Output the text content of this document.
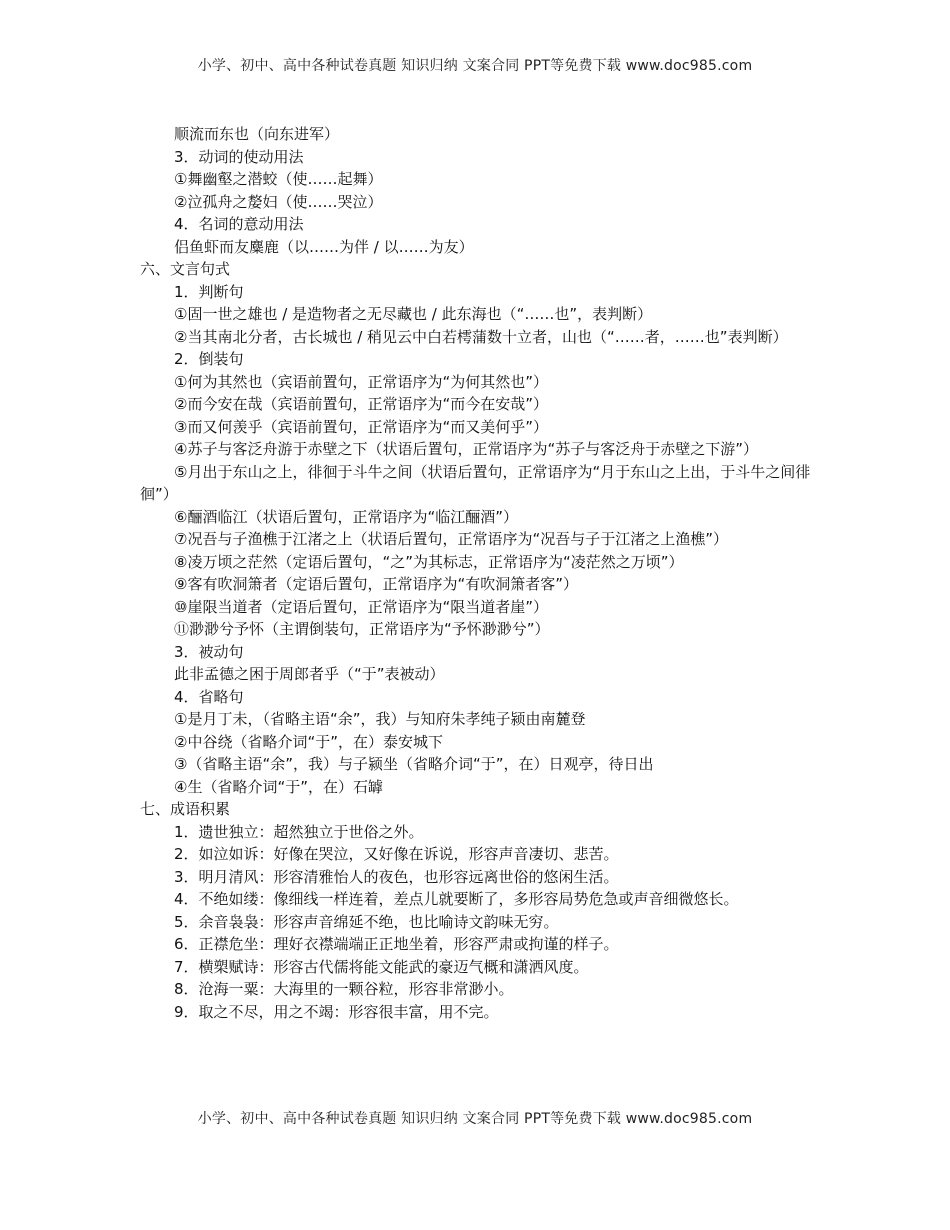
小学、初中、高中各种试卷真题 知识归纳 文案合同 PPT等免费下载 www.doc985.com
顺流而东也（向东进军）
3．动词的使动用法
①舞幽壑之潜蛟（使……起舞）
②泣孤舟之嫠妇（使……哭泣）
4．名词的意动用法
侣鱼虾而友麋鹿（以……为伴 / 以……为友）
六、文言句式
1．判断句
①固一世之雄也 / 是造物者之无尽藏也 / 此东海也（“……也”，表判断）
②当其南北分者，古长城也 / 稍见云中白若樗蒲数十立者，山也（“……者，……也”表判断）
2．倒装句
①何为其然也（宾语前置句，正常语序为“为何其然也”）
②而今安在哉（宾语前置句，正常语序为“而今在安哉”）
③而又何羡乎（宾语前置句，正常语序为“而又美何乎”）
④苏子与客泛舟游于赤壁之下（状语后置句，正常语序为“苏子与客泛舟于赤壁之下游”）
⑤月出于东山之上，徘徊于斗牛之间（状语后置句，正常语序为“月于东山之上出，于斗牛之间徘徊”）
⑥酾酒临江（状语后置句，正常语序为“临江酾酒”）
⑦况吾与子渔樵于江渚之上（状语后置句，正常语序为“况吾与子于江渚之上渔樵”）
⑧凌万顷之茫然（定语后置句，“之”为其标志，正常语序为“凌茫然之万顷”）
⑨客有吹洞箫者（定语后置句，正常语序为“有吹洞箫者客”）
⑩崖限当道者（定语后置句，正常语序为“限当道者崖”）
⑪渺渺兮予怀（主谓倒装句，正常语序为“予怀渺渺兮”）
3．被动句
此非孟德之困于周郎者乎（“于”表被动）
4．省略句
①是月丁未，（省略主语“余”，我）与知府朱孝纯子颍由南麓登
②中谷绕（省略介词“于”，在）泰安城下
③（省略主语“余”，我）与子颍坐（省略介词“于”，在）日观亭，待日出
④生（省略介词“于”，在）石罅
七、成语积累
1．遗世独立：超然独立于世俗之外。
2．如泣如诉：好像在哭泣，又好像在诉说，形容声音凄切、悲苦。
3．明月清风：形容清雅怡人的夜色，也形容远离世俗的悠闲生活。
4．不绝如缕：像细线一样连着，差点儿就要断了，多形容局势危急或声音细微悠长。
5．余音袅袅：形容声音绵延不绝，也比喻诗文韵味无穷。
6．正襟危坐：理好衣襟端端正正地坐着，形容严肃或拘谨的样子。
7．横槊赋诗：形容古代儒将能文能武的豪迈气概和潇洒风度。
8．沧海一粟：大海里的一颗谷粒，形容非常渺小。
9．取之不尽，用之不竭：形容很丰富，用不完。
小学、初中、高中各种试卷真题 知识归纳 文案合同 PPT等免费下载 www.doc985.com
